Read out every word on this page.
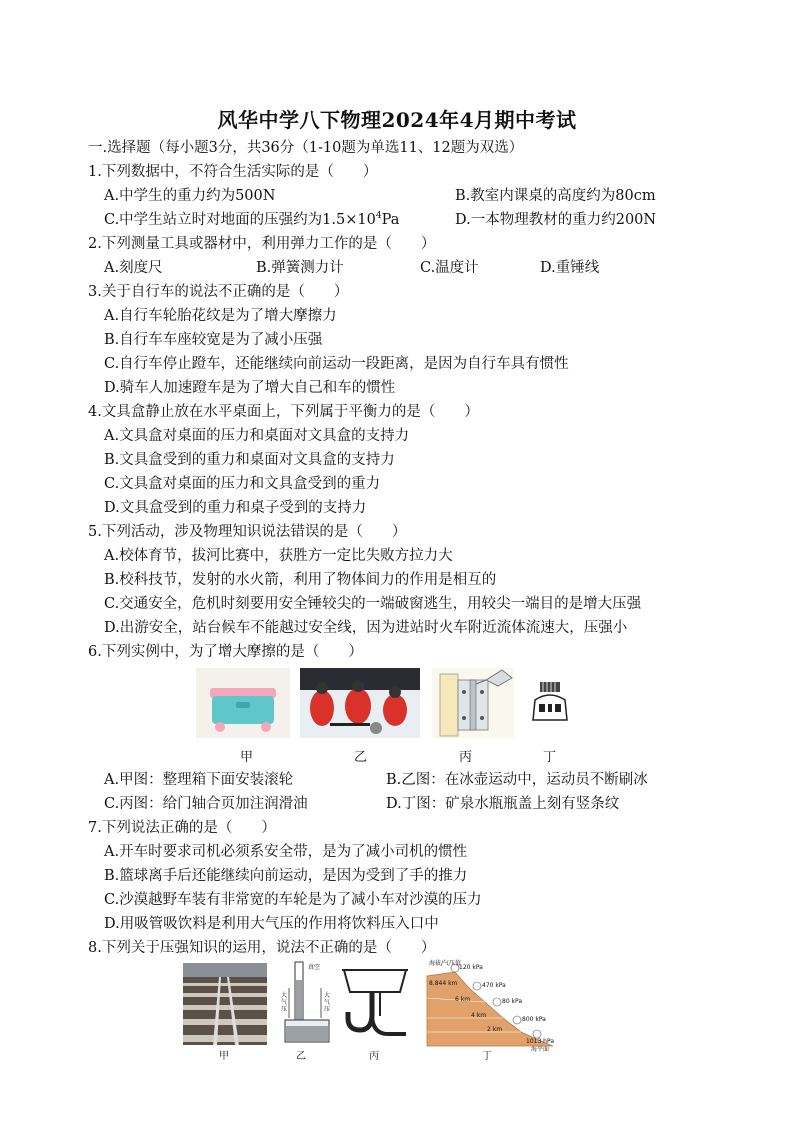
风华中学八下物理2024年4月期中考试
一.选择题（每小题3分，共36分（1-10题为单选11、12题为双选）
1.下列数据中，不符合生活实际的是（　　）
A.中学生的重力约为500N	B.教室内课桌的高度约为80cm
C.中学生站立时对地面的压强约为$1.5\times 10^4Pa$	D.一本物理教材的重力约200N
2.下列测量工具或器材中，利用弹力工作的是（　　）
A.刻度尺	B.弹簧测力计	C.温度计	D.重锤线
3.关于自行车的说法不正确的是（　　）
A.自行车轮胎花纹是为了增大摩擦力
B.自行车车座较宽是为了减小压强
C.自行车停止蹬车，还能继续向前运动一段距离，是因为自行车具有惯性
D.骑车人加速蹬车是为了增大自己和车的惯性
4.文具盒静止放在水平桌面上，下列属于平衡力的是（　　）
A.文具盒对桌面的压力和桌面对文具盒的支持力
B.文具盒受到的重力和桌面对文具盒的支持力
C.文具盒对桌面的压力和文具盒受到的重力
D.文具盒受到的重力和桌子受到的支持力
5.下列活动，涉及物理知识说法错误的是（　　）
A.校体育节，拔河比赛中，获胜方一定比失败方拉力大
B.校科技节，发射的水火箭，利用了物体间力的作用是相互的
C.交通安全，危机时刻要用安全锤较尖的一端破窗逃生，用较尖一端目的是增大压强
D.出游安全，站台候车不能越过安全线，因为进站时火车附近流体流速大，压强小
6.下列实例中，为了增大摩擦的是（　　）
甲	乙	丙	丁
A.甲图：整理箱下面安装滚轮	B.乙图：在冰壶运动中，运动员不断刷冰
C.丙图：给门轴合页加注润滑油	D.丁图：矿泉水瓶瓶盖上刻有竖条纹
7.下列说法正确的是（　　）
A.开车时要求司机必须系安全带，是为了减小司机的惯性
B.篮球离手后还能继续向前运动，是因为受到了手的推力
C.沙漠越野车装有非常宽的车轮是为了减小车对沙漠的压力
D.用吸管吸饮料是利用大气压的作用将饮料压入口中
8.下列关于压强知识的运用，说法不正确的是（　　）
真空
大气压
大气压
海拔/气压值
120 kPa
470 kPa
80 kPa
800 kPa
1013 hPa
8.844 km
6 km
4 km
2 km
海平面
甲	乙	丙	丁
